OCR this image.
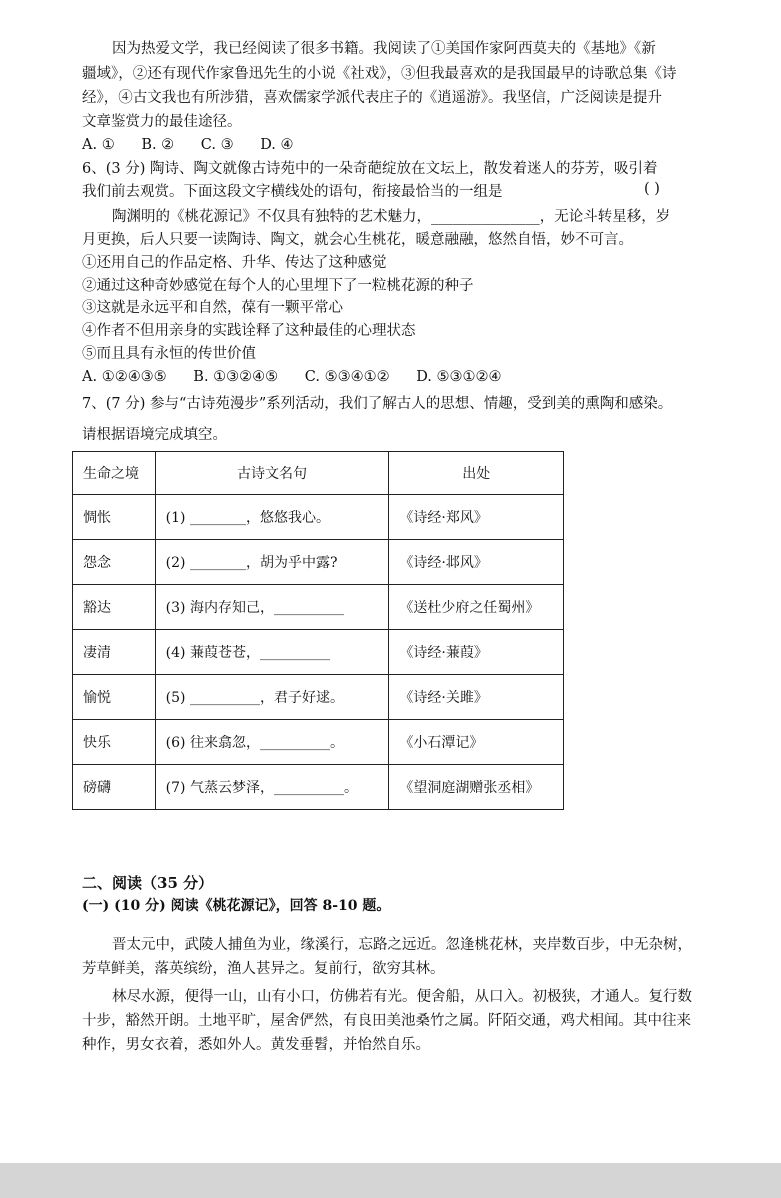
因为热爱文学，我已经阅读了很多书籍。我阅读了①美国作家阿西莫夫的《基地》《新
疆域》，②还有现代作家鲁迅先生的小说《社戏》，③但我最喜欢的是我国最早的诗歌总集《诗
经》，④古文我也有所涉猎，喜欢儒家学派代表庄子的《逍遥游》。我坚信，广泛阅读是提升
文章鉴赏力的最佳途径。
A. ① B. ② C. ③ D. ④
6、(3 分) 陶诗、陶文就像古诗苑中的一朵奇葩绽放在文坛上，散发着迷人的芬芳，吸引着
我们前去观赏。下面这段文字横线处的语句，衔接最恰当的一组是	( )
陶渊明的《桃花源记》不仅具有独特的艺术魅力，_______________，无论斗转星移，岁
月更换，后人只要一读陶诗、陶文，就会心生桃花，暖意融融，悠然自悟，妙不可言。
①还用自己的作品定格、升华、传达了这种感觉
②通过这种奇妙感觉在每个人的心里埋下了一粒桃花源的种子
③这就是永远平和自然，葆有一颗平常心
④作者不但用亲身的实践诠释了这种最佳的心理状态
⑤而且具有永恒的传世价值
A. ①②④③⑤ B. ①③②④⑤ C. ⑤③④①② D. ⑤③①②④
7、(7 分) 参与“古诗苑漫步”系列活动，我们了解古人的思想、情趣，受到美的熏陶和感染。
请根据语境完成填空。
生命之境	古诗文名句	出处
惆怅	(1) ________，悠悠我心。	《诗经·郑风》
怨念	(2) ________，胡为乎中露?	《诗经·邶风》
豁达	(3) 海内存知己，__________	《送杜少府之任蜀州》
凄清	(4) 蒹葭苍苍，__________	《诗经·蒹葭》
愉悦	(5) __________，君子好逑。	《诗经·关雎》
快乐	(6) 往来翕忽，__________。	《小石潭记》
磅礴	(7) 气蒸云梦泽，__________。	《望洞庭湖赠张丞相》
二、阅读（35 分）
(一) (10 分) 阅读《桃花源记》，回答 8-10 题。
晋太元中，武陵人捕鱼为业，缘溪行，忘路之远近。忽逢桃花林，夹岸数百步，中无杂树，芳草鲜美，落英缤纷，渔人甚异之。复前行，欲穷其林。
林尽水源，便得一山，山有小口，仿佛若有光。便舍船，从口入。初极狭，才通人。复行数十步，豁然开朗。土地平旷，屋舍俨然，有良田美池桑竹之属。阡陌交通，鸡犬相闻。其中往来种作，男女衣着，悉如外人。黄发垂髫，并怡然自乐。
